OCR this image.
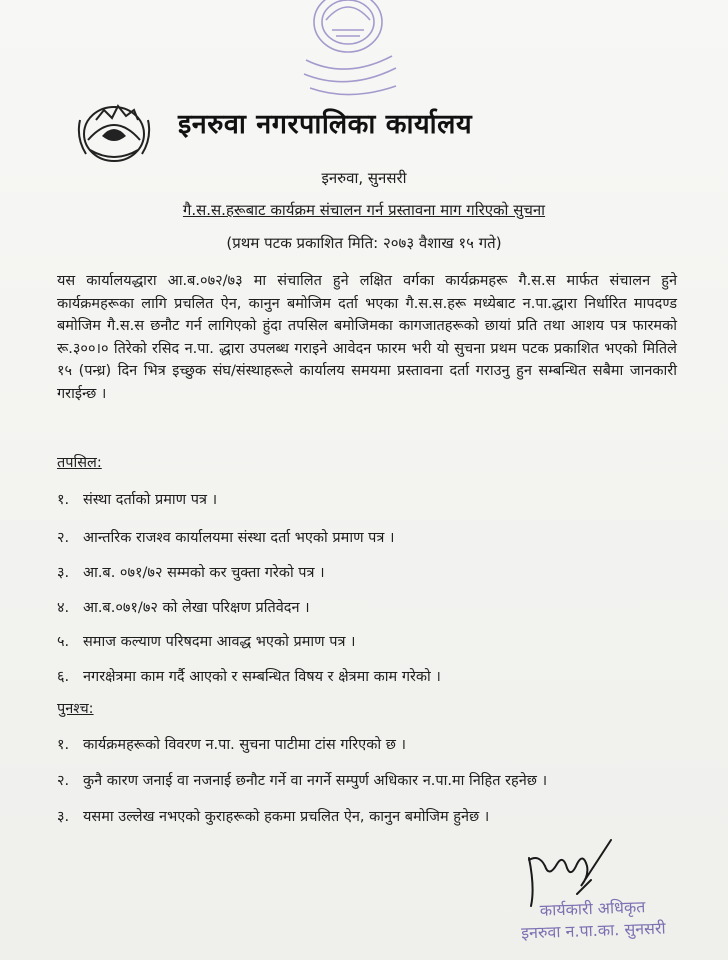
इनरुवा नगरपालिका कार्यालय
इनरुवा, सुनसरी
गै.स.स.हरूबाट कार्यक्रम संचालन गर्न प्रस्तावना माग गरिएको सुचना
(प्रथम पटक प्रकाशित मिति: २०७३ वैशाख १५ गते)
यस कार्यालयद्धारा आ.ब.०७२/७३ मा संचालित हुने लक्षित वर्गका कार्यक्रमहरू गै.स.स मार्फत संचालन हुने कार्यक्रमहरूका लागि प्रचलित ऐन, कानुन बमोजिम दर्ता भएका गै.स.स.हरू मध्येबाट न.पा.द्धारा निर्धारित मापदण्ड बमोजिम गै.स.स छनौट गर्न लागिएको हुंदा तपसिल बमोजिमका कागजातहरूको छायां प्रति तथा आशय पत्र फारमको रू.३००।० तिरेको रसिद न.पा. द्धारा उपलब्ध गराइने आवेदन फारम भरी यो सुचना प्रथम पटक प्रकाशित भएको मितिले १५ (पन्ध्र) दिन भित्र इच्छुक संघ/संस्थाहरूले कार्यालय समयमा प्रस्तावना दर्ता गराउनु हुन सम्बन्धित सबैमा जानकारी गराईन्छ ।
तपसिल:
१. संस्था दर्ताको प्रमाण पत्र ।
२. आन्तरिक राजश्व कार्यालयमा संस्था दर्ता भएको प्रमाण पत्र ।
३. आ.ब. ०७१/७२ सम्मको कर चुक्ता गरेको पत्र ।
४. आ.ब.०७१/७२ को लेखा परिक्षण प्रतिवेदन ।
५. समाज कल्याण परिषदमा आवद्ध भएको प्रमाण पत्र ।
६. नगरक्षेत्रमा काम गर्दै आएको र सम्बन्धित विषय र क्षेत्रमा काम गरेको ।
पुनश्च:
१. कार्यक्रमहरूको विवरण न.पा. सुचना पाटीमा टांस गरिएको छ ।
२. कुनै कारण जनाई वा नजनाई छनौट गर्ने वा नगर्ने सम्पुर्ण अधिकार न.पा.मा निहित रहनेछ ।
३. यसमा उल्लेख नभएको कुराहरूको हकमा प्रचलित ऐन, कानुन बमोजिम हुनेछ ।
कार्यकारी अधिकृत
इनरुवा न.पा.का. सुनसरी
